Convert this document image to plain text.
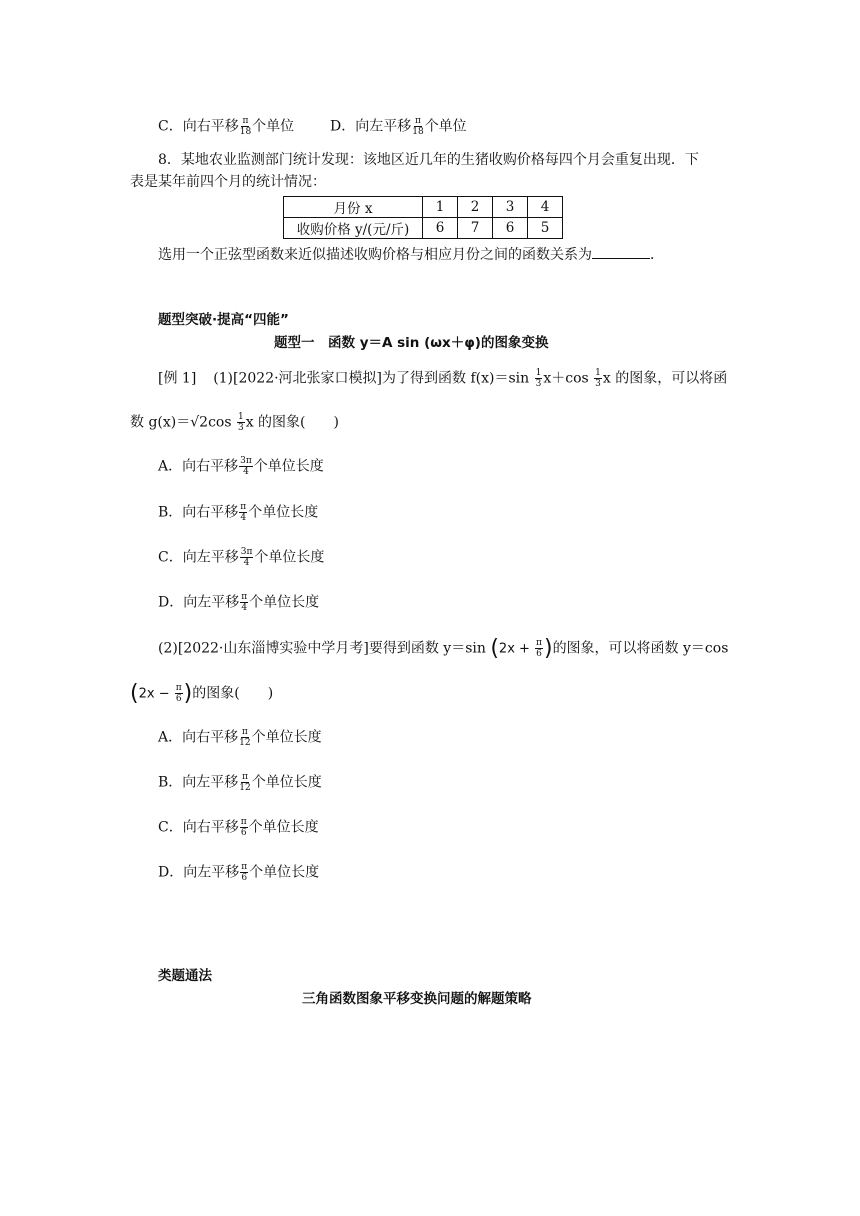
C．向右平移 $\frac{\pi}{18}$ 个单位	D．向左平移 $\frac{\pi}{18}$ 个单位
8．某地农业监测部门统计发现：该地区近几年的生猪收购价格每四个月会重复出现．下
表是某年前四个月的统计情况：
月份 x	1	2	3	4
收购价格 y/(元/斤)	6	7	6	5
选用一个正弦型函数来近似描述收购价格与相应月份之间的函数关系为	．
题型突破·提高“四能”
题型一　函数 y＝A sin (ωx＋φ)的图象变换
[例 1] (1)[2022·河北张家口模拟]为了得到函数 $f(x)=\sin \frac{1}{3} x+\cos \frac{1}{3}$ x 的图象，可以将函
数 $g(x)=√2\cos \frac{1}{3}$ x 的图象(　　)
A．向右平移 $\frac{3\pi}{4}$ 个单位长度
B．向右平移 $\frac{\pi}{4}$ 个单位长度
C．向左平移 $\frac{3\pi}{4}$ 个单位长度
D．向左平移 $\frac{\pi}{4}$ 个单位长度
(2)[2022·山东淄博实验中学月考]要得到函数 y＝sin ($2x + \frac{\pi}{6}$ )的图象，可以将函数 y＝cos
($2x - \frac{\pi}{6}$ )的图象(　　)
A．向右平移 $\frac{\pi}{12}$ 个单位长度
B．向左平移 $\frac{\pi}{12}$ 个单位长度
C．向右平移 $\frac{\pi}{6}$ 个单位长度
D．向左平移 $\frac{\pi}{6}$ 个单位长度
类题通法
三角函数图象平移变换问题的解题策略
